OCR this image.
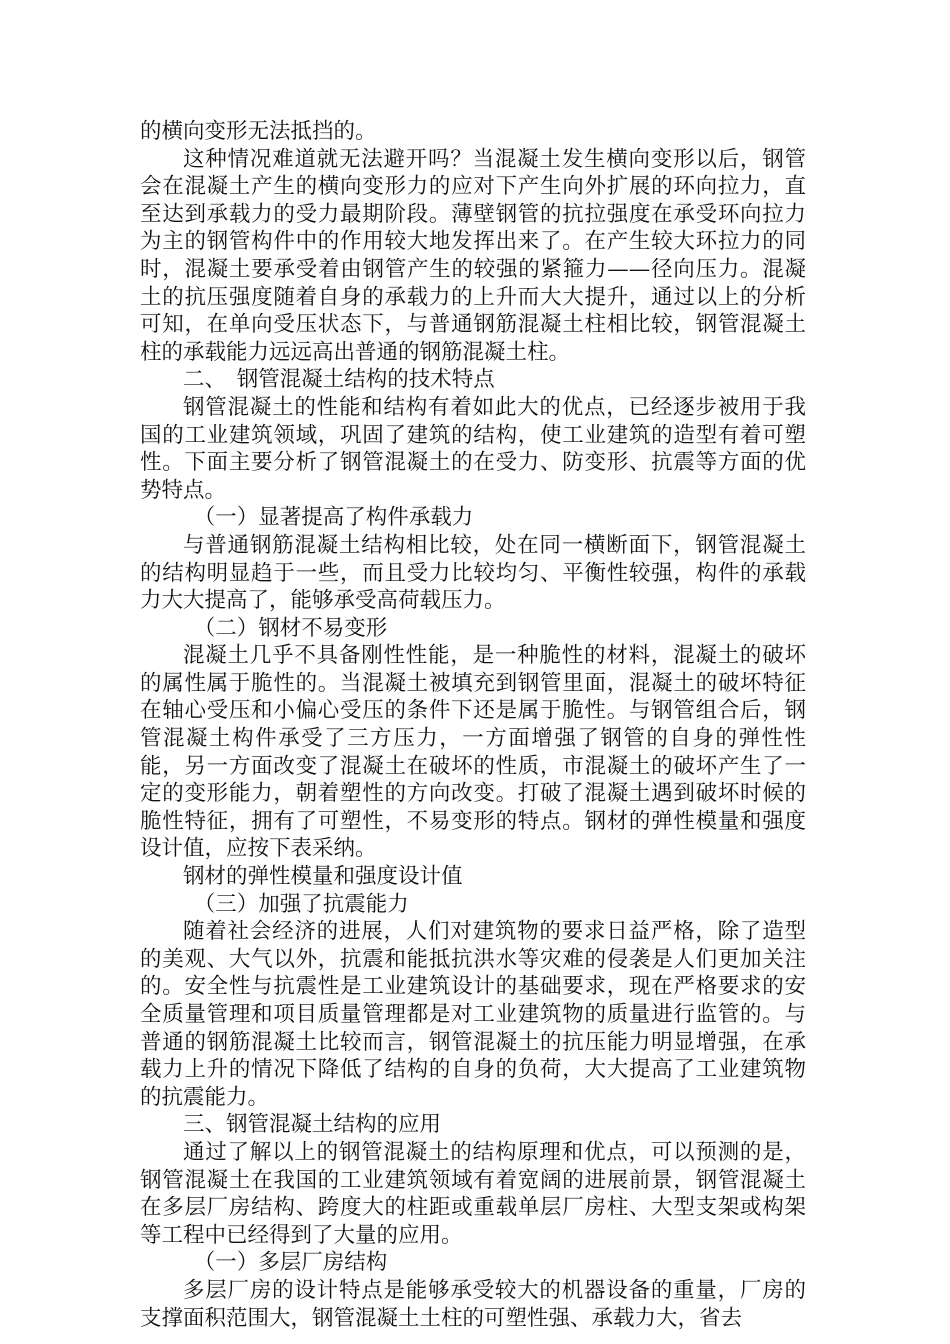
的横向变形无法抵挡的。

这种情况难道就无法避开吗？当混凝土发生横向变形以后，钢管会在混凝土产生的横向变形力的应对下产生向外扩展的环向拉力，直至达到承载力的受力最期阶段。薄壁钢管的抗拉强度在承受环向拉力为主的钢管构件中的作用较大地发挥出来了。在产生较大环拉力的同时，混凝土要承受着由钢管产生的较强的紧箍力——径向压力。混凝土的抗压强度随着自身的承载力的上升而大大提升，通过以上的分析可知，在单向受压状态下，与普通钢筋混凝土柱相比较，钢管混凝土柱的承载能力远远高出普通的钢筋混凝土柱。

二、　钢管混凝土结构的技术特点

钢管混凝土的性能和结构有着如此大的优点，已经逐步被用于我国的工业建筑领域，巩固了建筑的结构，使工业建筑的造型有着可塑性。下面主要分析了钢管混凝土的在受力、防变形、抗震等方面的优势特点。

（一）显著提高了构件承载力

与普通钢筋混凝土结构相比较，处在同一横断面下，钢管混凝土的结构明显趋于一些，而且受力比较均匀、平衡性较强，构件的承载力大大提高了，能够承受高荷载压力。

（二）钢材不易变形

混凝土几乎不具备刚性性能，是一种脆性的材料，混凝土的破坏的属性属于脆性的。当混凝土被填充到钢管里面，混凝土的破坏特征在轴心受压和小偏心受压的条件下还是属于脆性。与钢管组合后，钢管混凝土构件承受了三方压力，一方面增强了钢管的自身的弹性性能，另一方面改变了混凝土在破坏的性质，市混凝土的破坏产生了一定的变形能力，朝着塑性的方向改变。打破了混凝土遇到破坏时候的脆性特征，拥有了可塑性，不易变形的特点。钢材的弹性模量和强度设计值，应按下表采纳。

钢材的弹性模量和强度设计值

（三）加强了抗震能力

随着社会经济的进展，人们对建筑物的要求日益严格，除了造型的美观、大气以外，抗震和能抵抗洪水等灾难的侵袭是人们更加关注的。安全性与抗震性是工业建筑设计的基础要求，现在严格要求的安全质量管理和项目质量管理都是对工业建筑物的质量进行监管的。与普通的钢筋混凝土比较而言，钢管混凝土的抗压能力明显增强，在承载力上升的情况下降低了结构的自身的负荷，大大提高了工业建筑物的抗震能力。

三、钢管混凝土结构的应用

通过了解以上的钢管混凝土的结构原理和优点，可以预测的是，钢管混凝土在我国的工业建筑领域有着宽阔的进展前景，钢管混凝土在多层厂房结构、跨度大的柱距或重载单层厂房柱、大型支架或构架等工程中已经得到了大量的应用。

（一）多层厂房结构

多层厂房的设计特点是能够承受较大的机器设备的重量，厂房的支撑面积范围大，钢管混凝土土柱的可塑性强、承载力大，省去
